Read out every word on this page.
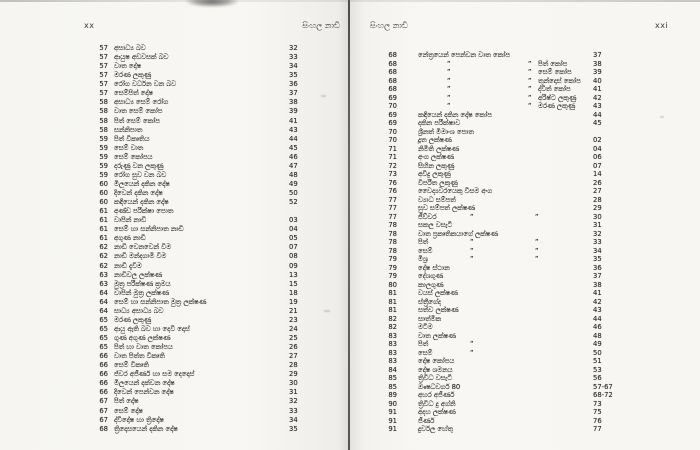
xx	සිංහල නාඩි
57 අසාධ්‍ය බව	32
57 ආයුෂ අඩවසක් බව	33
57 වාත දෝෂ	34
57 මරණ ලකුණු	35
57 රෝග වර්ධන වන බව	36
57 සෙම්පිත් දෝෂ	37
58 අසාධ්‍ය සෙම් රෝග	38
58 වාත සෙම් කෝප	39
58 පිත් සෙම් කෝප	41
58 සන්නිපාත	43
59 පිත් විකෘතිය	44
59 සෙම් වාත	45
59 සෙම් කෝපය	46
59 දරුණු වන ලකුණු	47
59 රෝග සුව වන බව	48
60 මිලයෙන් දකින දෝෂ	49
60 දිවෙන් දකින දෝෂ	50
60 කඳියෙන් දකින දෝෂ	52
61 අණ්ඩ පරීක්ෂා පොත
61 වාපින් නාඩි	03
61 සෙම් හා සන්නිපාත නාඩි	04
61 අගුණ නාඩි	05
62 නාඩි වෙනවෙන් වීම	07
62 නාඩි මන්දගාමී වීම	08
62 නාඩි දැවීම	09
63 නාඩිවල ලක්ෂණ	13
63 මුත්‍ර පරීක්ෂණ ක්‍රමය	15
64 වාපින් මුත්‍ර ලක්ෂණ	18
64 සෙම් හා සන්නිපාත මුත්‍ර ලක්ෂණ	19
64 සාධ්‍ය අසාධ්‍ය බව	21
65 මරණ ලකුණු	23
65 ආයු ඇති බව හා දෙවි දොස්	24
65 ගුණ අගුණ ලක්ෂණ	25
65 පිත් හා වාත කෝපය	26
66 වාත පිත්ත විකෘති	27
66 සෙම් විකෘති	28
66 ජ්වර අජීර්ණ හා සම දෙදොස්	29
66 මිලයෙන් දක්වන දෝෂ	30
66 දිවෙන් පෙන්වන දෝෂ	31
67 පිත් දෝෂ	32
67 සෙම් දෝෂ	33
67 ද්විදෝෂ හා ත්‍රිදෝෂ	34
68 ත්‍රිදොසයෙන් දකින දෝෂ	35
සිංහල නාඩි	xxi
68	නේත්‍රයෙන් පෙන්වන වාත කෝප	37
68	”	” පිත් කෝප	38
68	”	” සෙම් කෝප	39
68	”	” තුන්දොස් කෝප 40
68	”	” ද්විත් කෝප	41
69	”	” අරිෂ්ට ලකුණු 42
70	”	” මරණ ලකුණු	43
69	කඳියෙන් දකින දෝෂ කෝප	44
69	දකින පරීක්ෂාව	45
70	ශ්‍රීනත් මීමාංශ පොත
70	දූත ලක්ෂණ	02
71	නිමිති ලක්ෂණ	04
71	අංග ලක්ෂණ	06
72	සිහින ලකුණු	07
73	අවිදු ලකුණු	14
76	විපරීත ලකුණු	26
76	වෛද්‍යවරයෙකු විසම අංග	27
77	ව්‍යාධ සම්පත්	28
77	සුව සම්පත් ලක්ෂණ	29
77	ජීව්වර	”	”	30
78	සකල වසැටි	31
78	වාත ප්‍රකෘතිකයාගේ ලක්ෂණ	32
78	පිත්	”	”	33
78	සෙම්	”	”	34
79	මිශ්‍ර	”	”	35
79	දෝෂ ස්ථාන	36
79	දේශගුණ	37
80	කාලගුණ	38
81	වයස් ලක්ෂණ	41
81	ස්ත්‍රීගේද	42
81	සත්ව ලක්ෂණ	43
82	සාත්මික	44
82	මටිම	46
83	වාත ලක්ෂණ	48
83	පිත්	”	49
83	සෙම්	”	50
83	දෝෂ කෝපය	51
84	දෝෂ ශමනය	53
85	ත්‍රිවිධ වසැටි	56
85	ඖෂධවර්ග 80	57-67
89	අහර අජීර්ණ	68-72
90	ත්‍රිවිධ දු අග්නි	73
91	අදහ ලක්ෂණ	75
91	ජීර්ණ	76
91	දුර්වල හේතු	77
